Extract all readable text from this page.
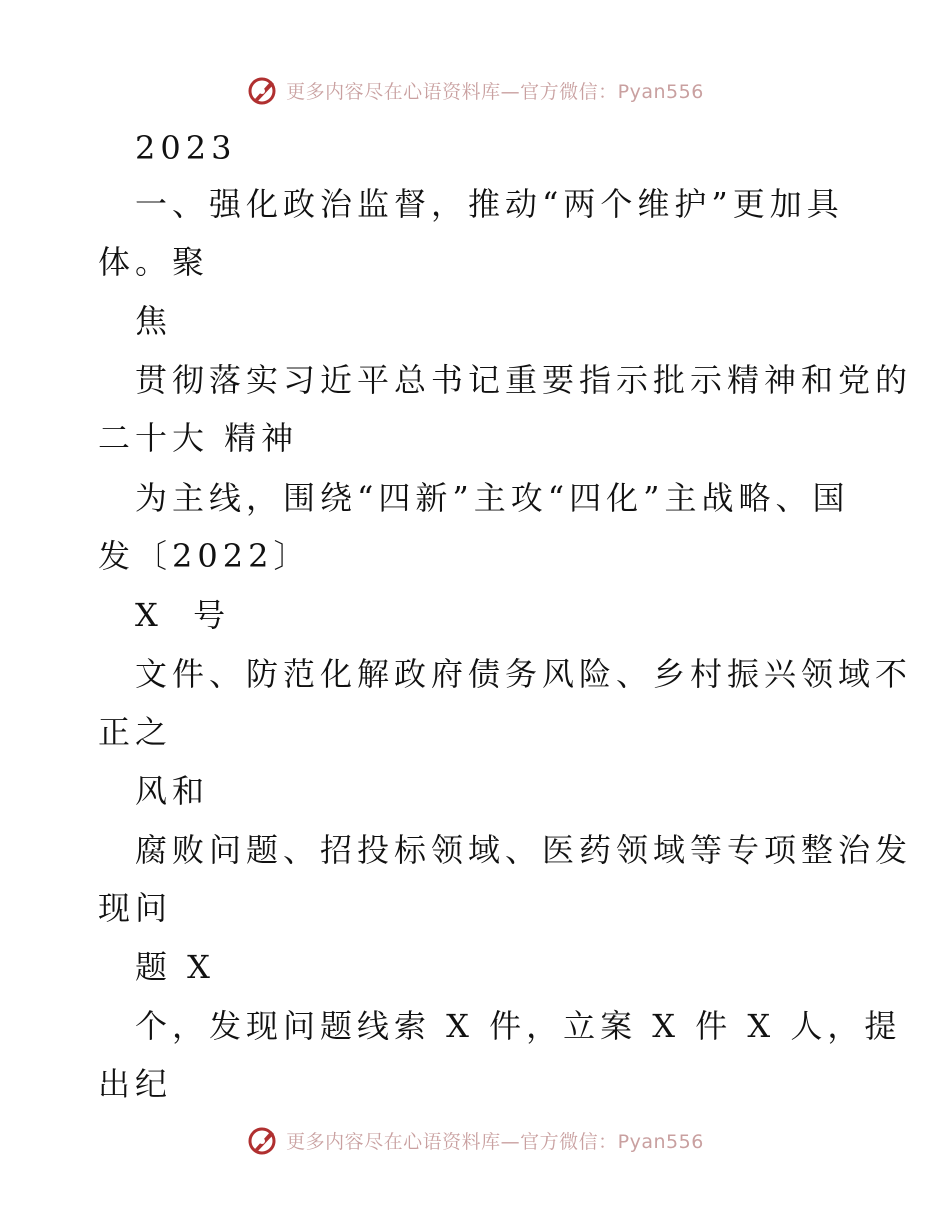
更多内容尽在心语资料库—官方微信：Pyan556
2023
一、强化政治监督，推动“两个维护”更加具
体。聚
焦
贯彻落实习近平总书记重要指示批示精神和党的
二十大 精神
为主线，围绕“四新”主攻“四化”主战略、国
发〔2022〕
X  号
文件、防范化解政府债务风险、乡村振兴领域不
正之
风和
腐败问题、招投标领域、医药领域等专项整治发
现问
题 X
个，发现问题线索 X 件，立案 X 件 X 人，提
出纪
更多内容尽在心语资料库—官方微信：Pyan556
